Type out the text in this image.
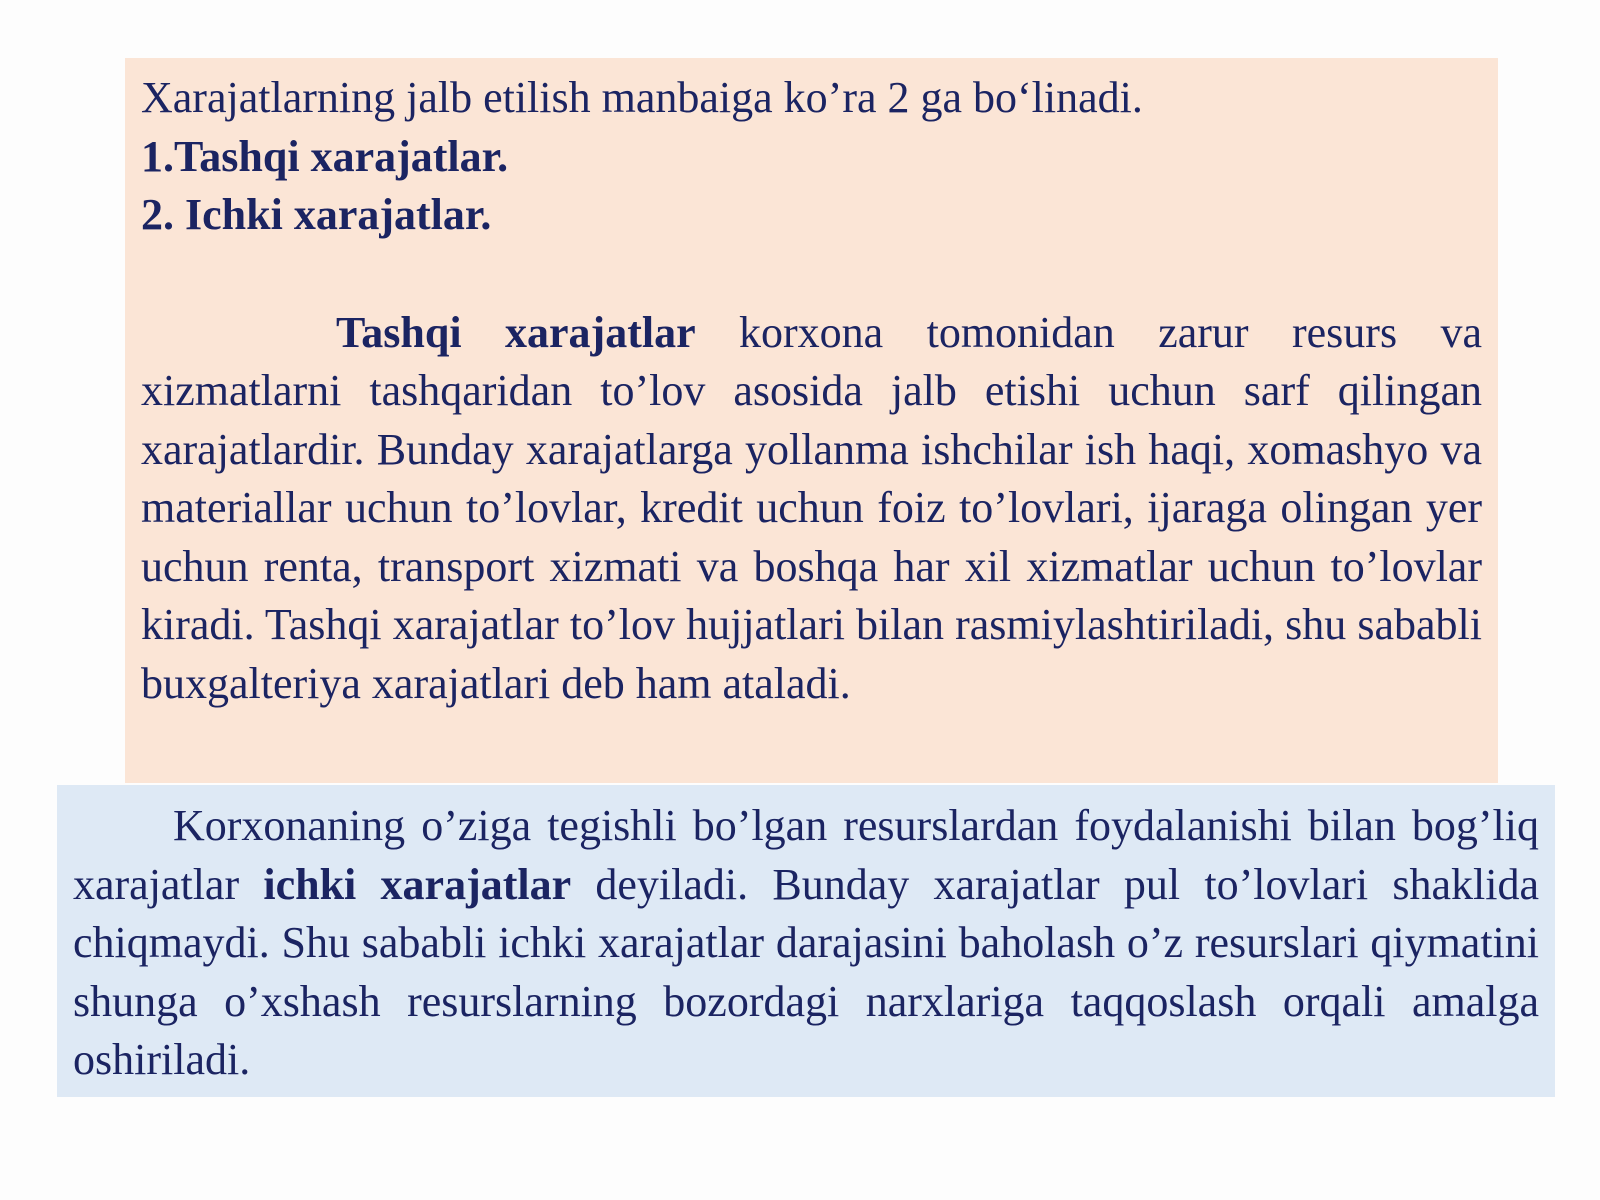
Xarajatlarning jalb etilish manbaiga ko’ra 2 ga bo‘linadi.

1.Tashqi xarajatlar.

2. Ichki xarajatlar.

Tashqi xarajatlar korxona tomonidan zarur resurs va xizmatlarni tashqaridan to’lov asosida jalb etishi uchun sarf qilingan xarajatlardir. Bunday xarajatlarga yollanma ishchilar ish haqi, xomashyo va materiallar uchun to’lovlar, kredit uchun foiz to’lovlari, ijaraga olingan yer uchun renta, transport xizmati va boshqa har xil xizmatlar uchun to’lovlar kiradi. Tashqi xarajatlar to’lov hujjatlari bilan rasmiylashtiriladi, shu sababli buxgalteriya xarajatlari deb ham ataladi.

Korxonaning o’ziga tegishli bo’lgan resurslardan foydalanishi bilan bog’liq xarajatlar ichki xarajatlar deyiladi. Bunday xarajatlar pul to’lovlari shaklida chiqmaydi. Shu sababli ichki xarajatlar darajasini baholash o’z resurslari qiymatini shunga o’xshash resurslarning bozordagi narxlariga taqqoslash orqali amalga oshiriladi.
